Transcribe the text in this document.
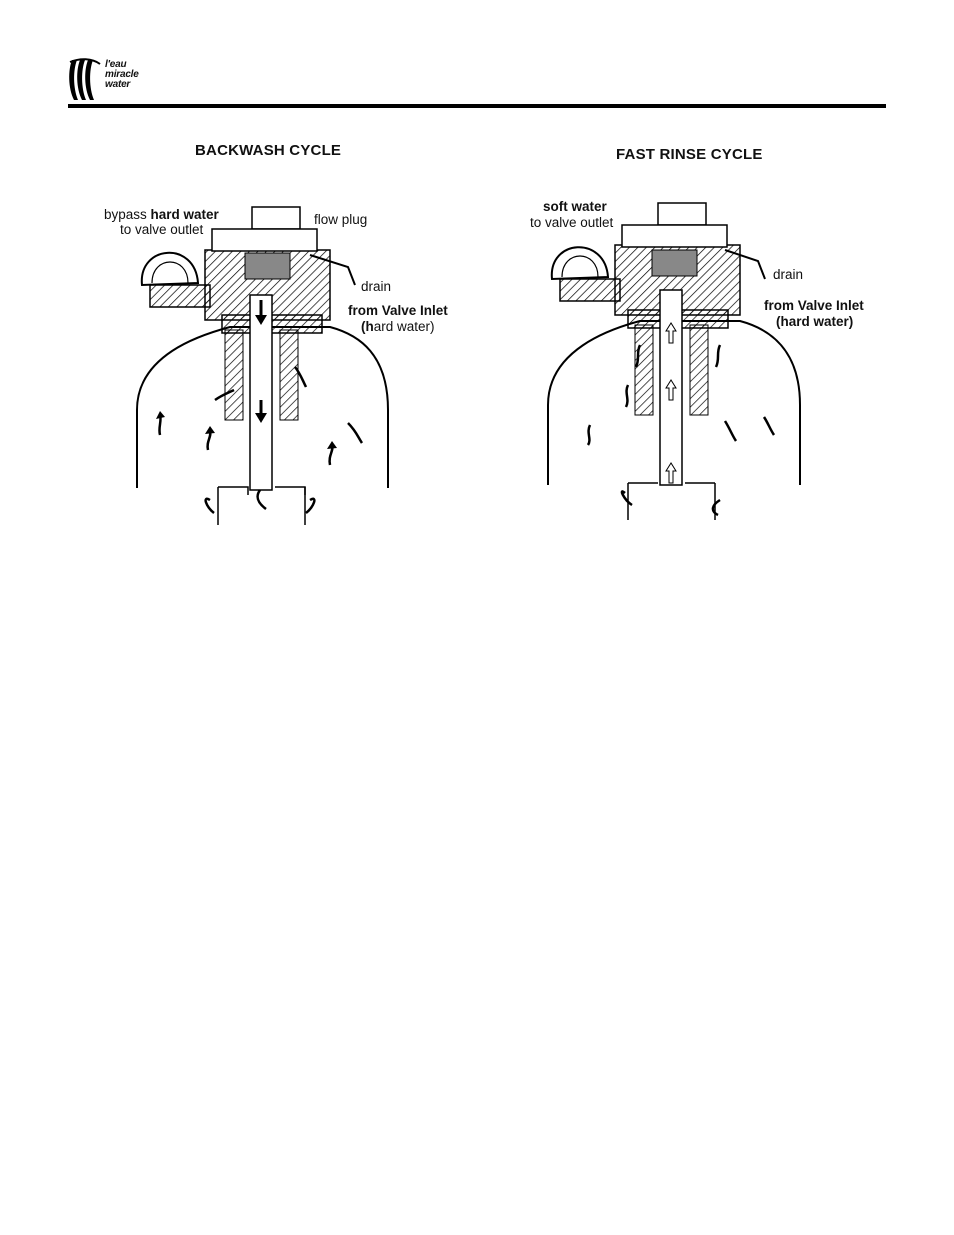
l'eau
miracle
water
BACKWASH CYCLE	FAST RINSE CYCLE
bypass hard water
to valve outlet
flow plug
drain
from Valve Inlet
(hard water)
soft water
to valve outlet
drain
from Valve Inlet
(hard water)
